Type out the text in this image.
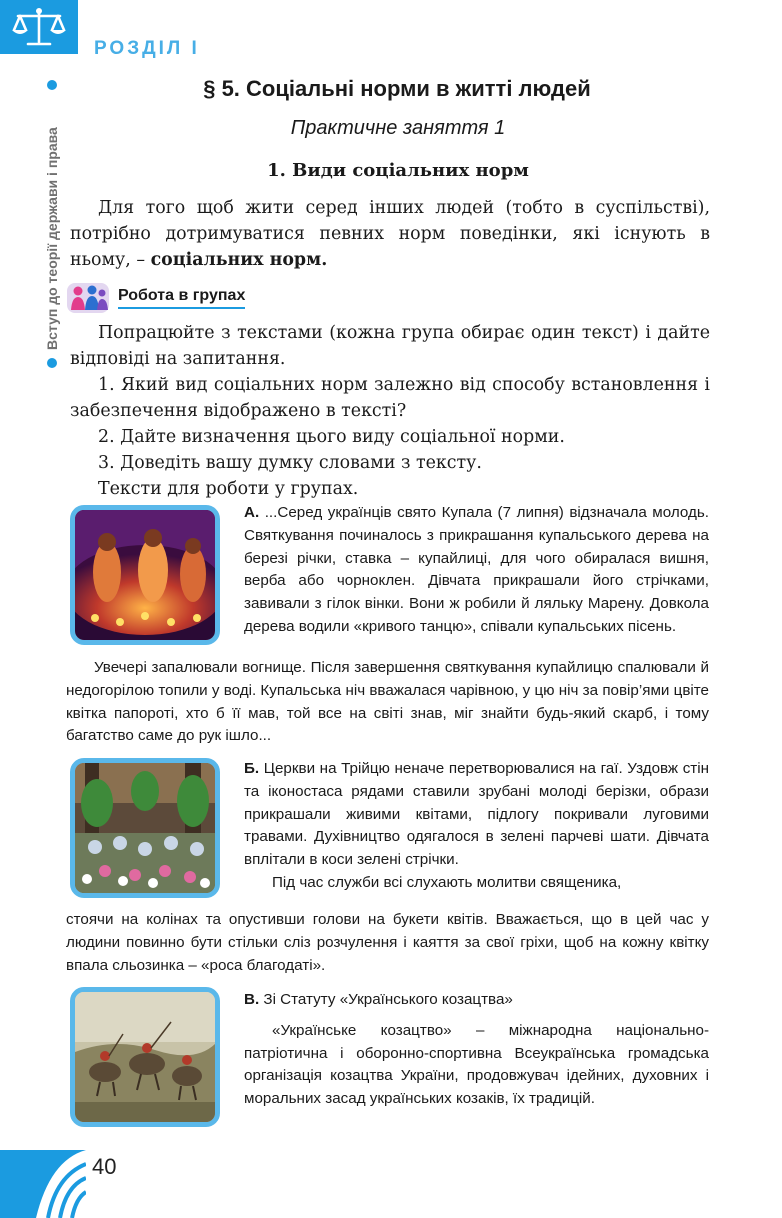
РОЗДІЛ І
Вступ до теорії держави і права
§ 5. Соціальні норми в житті людей
Практичне заняття 1
1. Види соціальних норм

Для того щоб жити серед інших людей (тобто в суспільстві), потрібно дотримуватися певних норм поведінки, які існують в ньому, – соціальних норм.

Робота в групах

Попрацюйте з текстами (кожна група обирає один текст) і дайте відповіді на запитання.

1. Який вид соціальних норм залежно від способу встановлення і забезпечення відображено в тексті?

2. Дайте визначення цього виду соціальної норми.

3. Доведіть вашу думку словами з тексту.

Тексти для роботи у групах.

А. ...Серед українців свято Купала (7 липня) відзначала молодь. Святкування починалось з прикрашання купальського дерева на березі річки, ставка – купайлиці, для чого обиралася вишня, верба або чорноклен. Дівчата прикрашали його стрічками, завивали з гілок вінки. Вони ж робили й ляльку Марену. Довкола дерева водили «кривого танцю», співали купальських пісень.

Увечері запалювали вогнище. Після завершення святкування купайлицю спалювали й недогорілою топили у воді. Купальська ніч вважалася чарівною, у цю ніч за повір’ями цвіте квітка папороті, хто б її мав, той все на світі знав, міг знайти будь-який скарб, і тому багатство саме до рук ішло...

Б. Церкви на Трійцю неначе перетворювалися на гаї. Уздовж стін та іконостаса рядами ставили зрубані молоді берізки, образи прикрашали живими квітами, підлогу покривали луговими травами. Духівництво одягалося в зелені парчеві шати. Дівчата вплітали в коси зелені стрічки.

Під час служби всі слухають молитви священика,

стоячи на колінах та опустивши голови на букети квітів. Вважається, що в цей час у людини повинно бути стільки сліз розчулення і каяття за свої гріхи, щоб на кожну квітку впала сльозинка – «роса благодаті».

В. Зі Статуту «Українського козацтва»

«Українське козацтво» – міжнародна національно-патріотична і оборонно-спортивна Всеукраїнська громадська організація козацтва України, продовжувач ідейних, духовних і моральних засад українських козаків, їх традицій.

40
